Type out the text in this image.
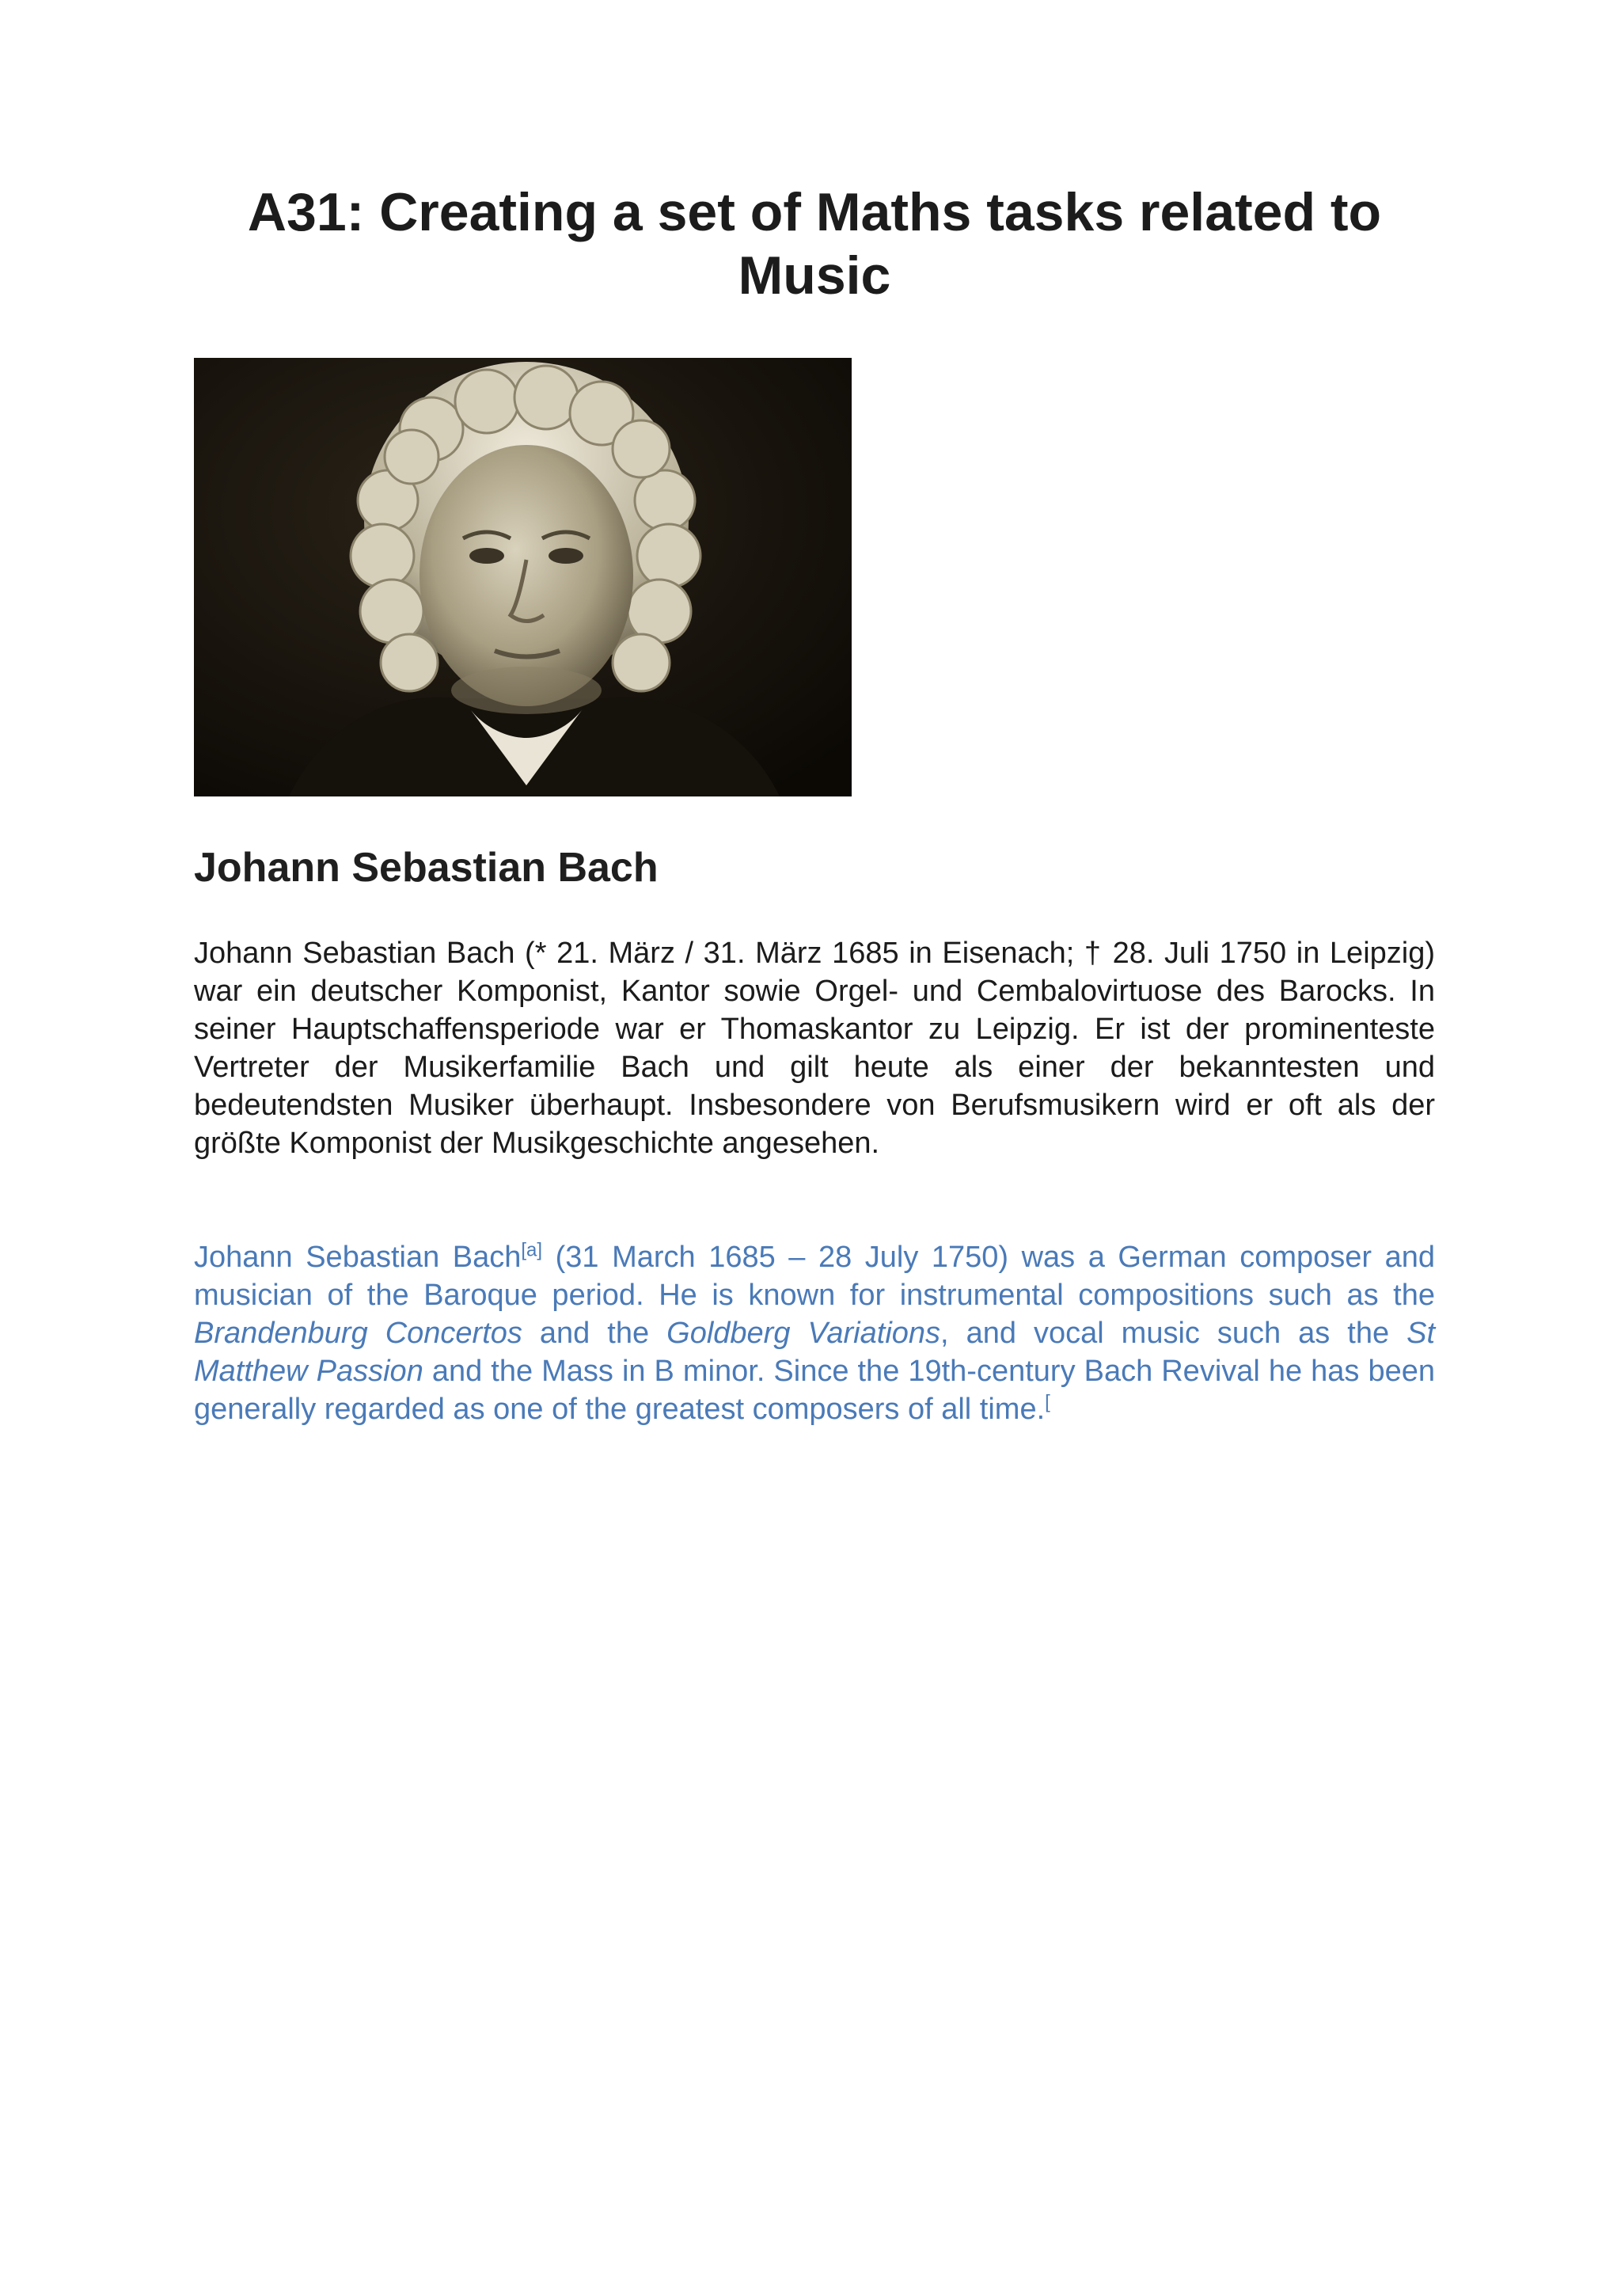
A31: Creating a set of Maths tasks related to Music
Johann Sebastian Bach

Johann Sebastian Bach (* 21. März / 31. März 1685 in Eisenach; † 28. Juli 1750 in Leipzig) war ein deutscher Komponist, Kantor sowie Orgel- und Cembalovirtuose des Barocks. In seiner Hauptschaffensperiode war er Thomaskantor zu Leipzig. Er ist der prominenteste Vertreter der Musikerfamilie Bach und gilt heute als einer der bekanntesten und bedeutendsten Musiker überhaupt. Insbesondere von Berufsmusikern wird er oft als der größte Komponist der Musikgeschichte angesehen.

Johann Sebastian Bach[a] (31 March 1685 – 28 July 1750) was a German composer and musician of the Baroque period. He is known for instrumental compositions such as the Brandenburg Concertos and the Goldberg Variations, and vocal music such as the St Matthew Passion and the Mass in B minor. Since the 19th-century Bach Revival he has been generally regarded as one of the greatest composers of all time.[
